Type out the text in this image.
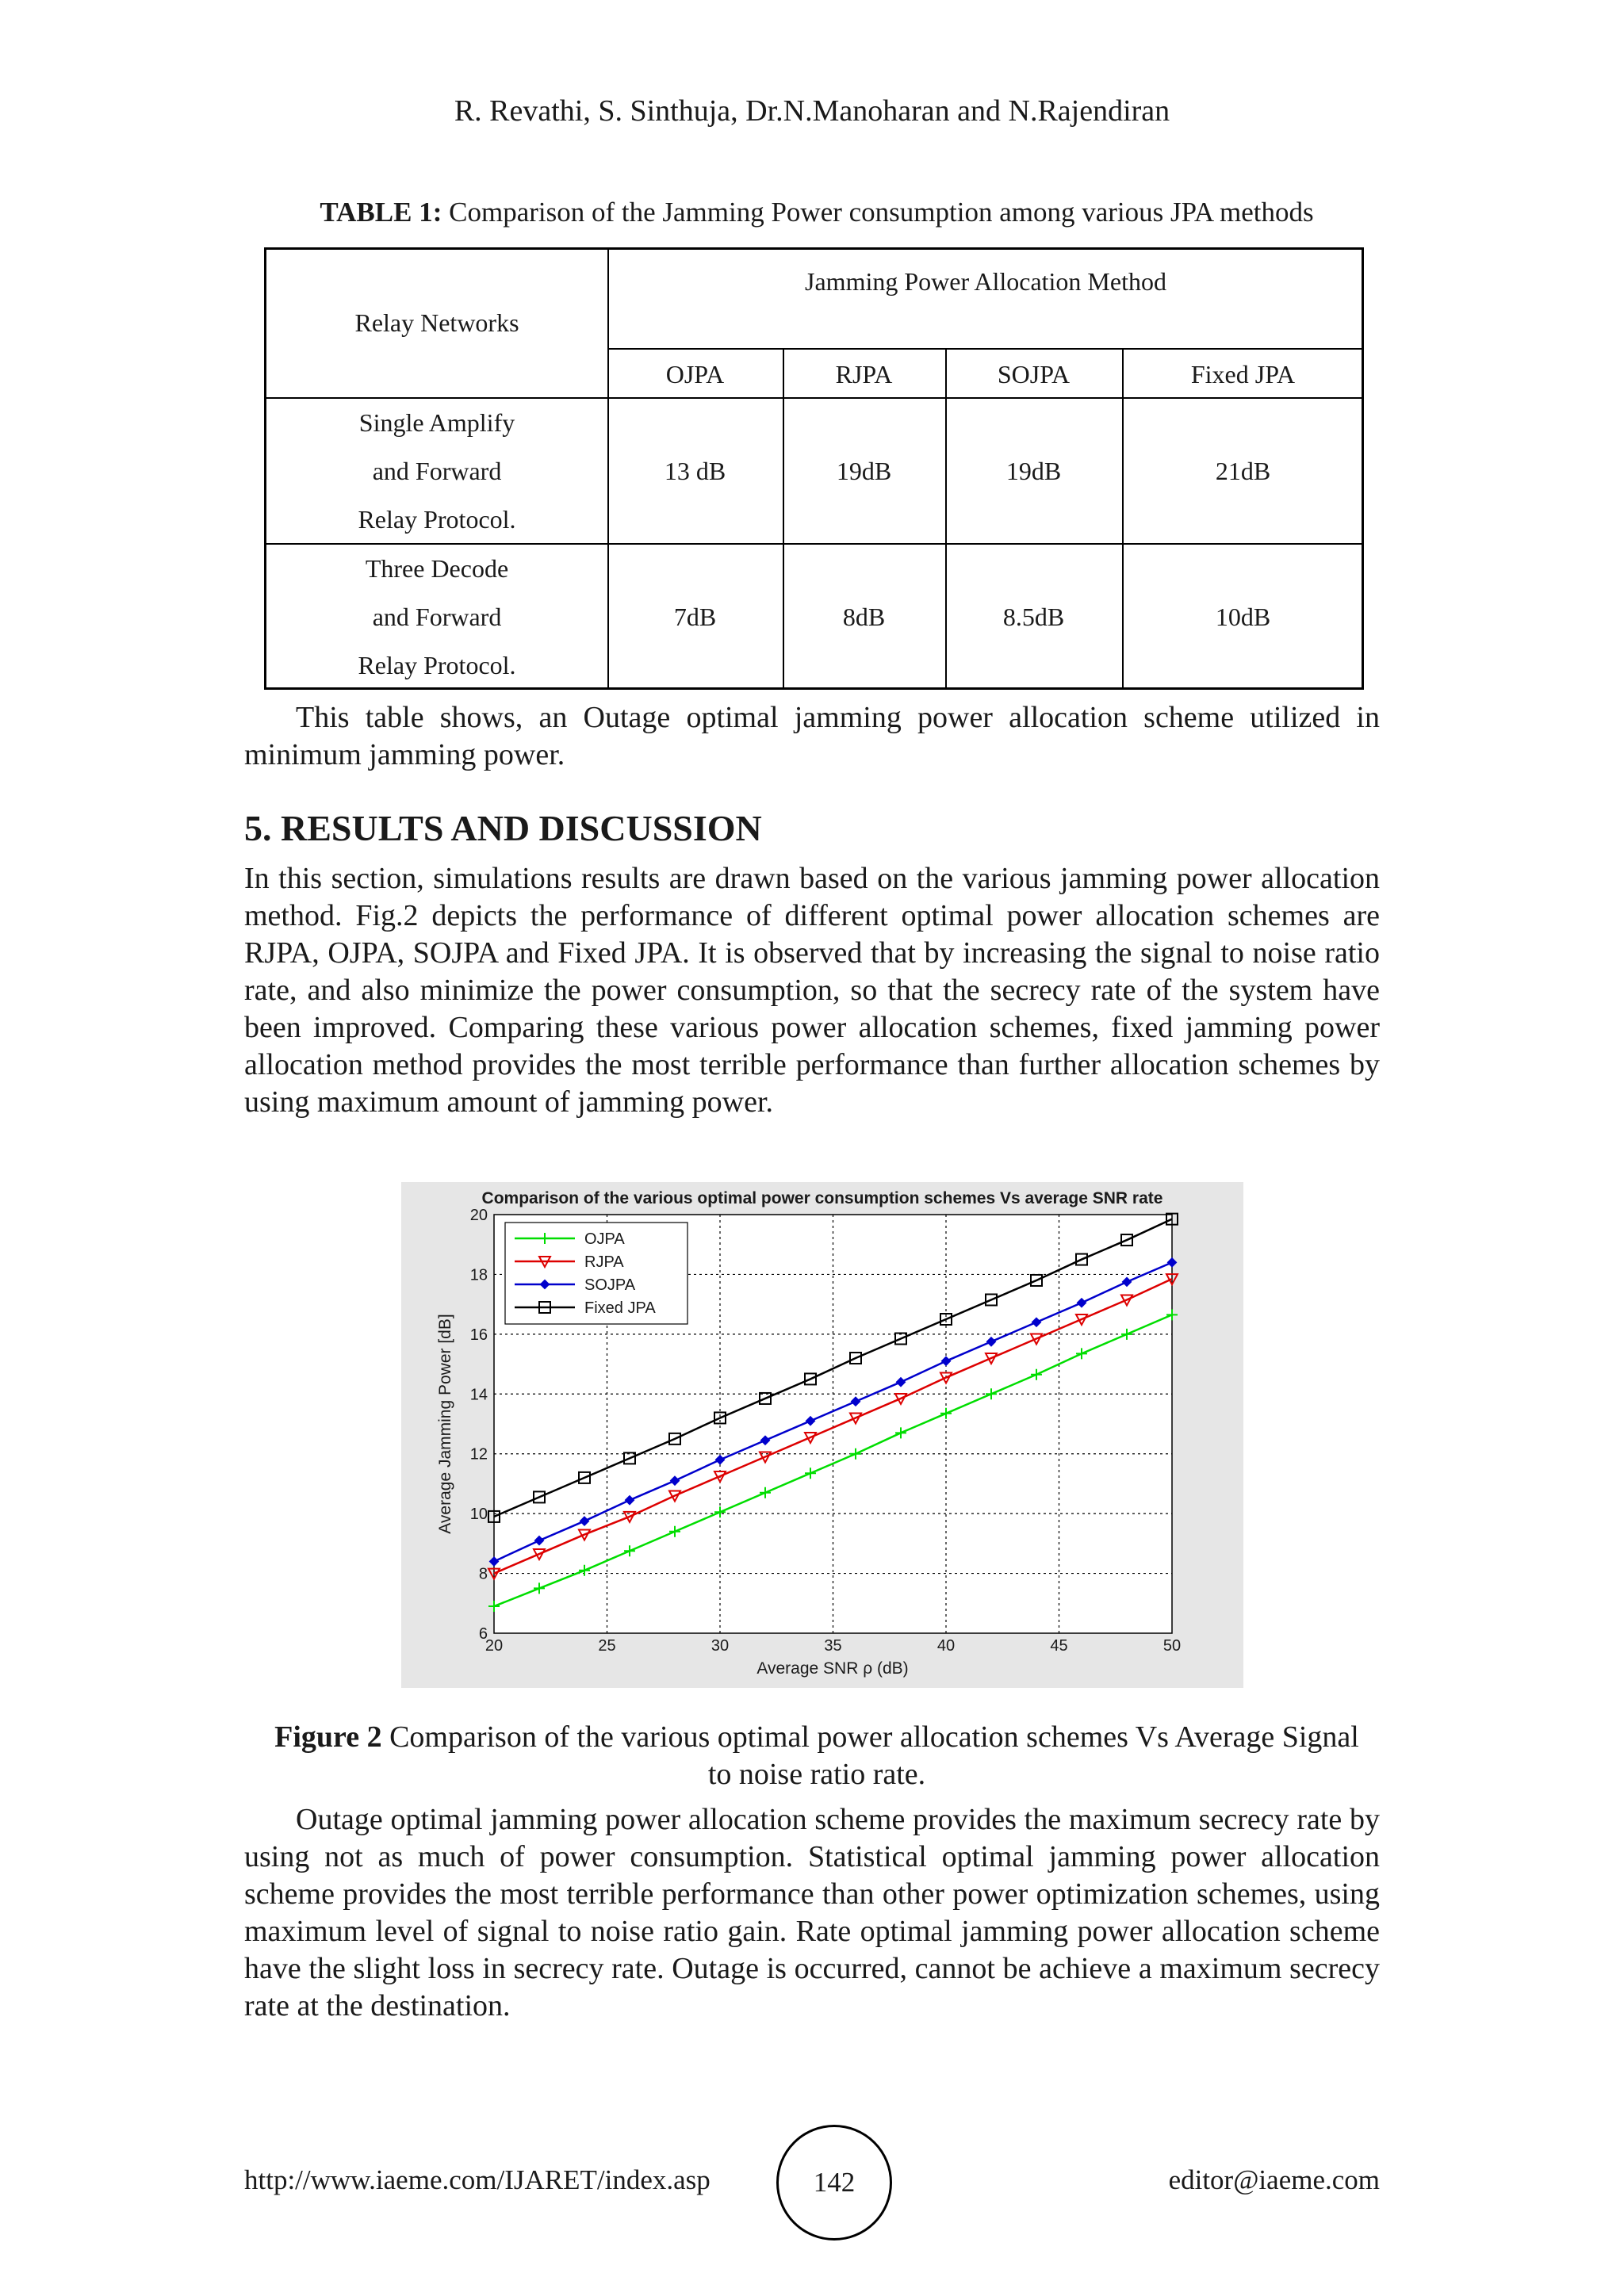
R. Revathi, S. Sinthuja, Dr.N.Manoharan and N.Rajendiran
TABLE 1: Comparison of the Jamming Power consumption among various JPA methods
Relay Networks
Jamming Power Allocation Method
OJPA	RJPA	SOJPA	Fixed JPA
Single Amplify
and Forward
Relay Protocol.
13 dB	19dB	19dB	21dB
Three Decode
and Forward
Relay Protocol.
7dB	8dB	8.5dB	10dB
This table shows, an Outage optimal jamming power allocation scheme utilized in minimum jamming power.
5. RESULTS AND DISCUSSION
In this section, simulations results are drawn based on the various jamming power allocation method. Fig.2 depicts the performance of different optimal power allocation schemes are RJPA, OJPA, SOJPA and Fixed JPA. It is observed that by increasing the signal to noise ratio rate, and also minimize the power consumption, so that the secrecy rate of the system have been improved. Comparing these various power allocation schemes, fixed jamming power allocation method provides the most terrible performance than further allocation schemes by using maximum amount of jamming power.
Comparison of the various optimal power consumption schemes Vs average SNR rate
20	25	30	35	40	45	50
6
8
10
12
14
16
18
20
OJPA
RJPA
SOJPA
Fixed JPA
Average SNR ρ (dB)
Average Jamming Power [dB]
Figure 2 Comparison of the various optimal power allocation schemes Vs Average Signal to noise ratio rate.
Outage optimal jamming power allocation scheme provides the maximum secrecy rate by using not as much of power consumption. Statistical optimal jamming power allocation scheme provides the most terrible performance than other power optimization schemes, using maximum level of signal to noise ratio gain. Rate optimal jamming power allocation scheme have the slight loss in secrecy rate. Outage is occurred, cannot be achieve a maximum secrecy rate at the destination.
http://www.iaeme.com/IJARET/index.asp	142	editor@iaeme.com
